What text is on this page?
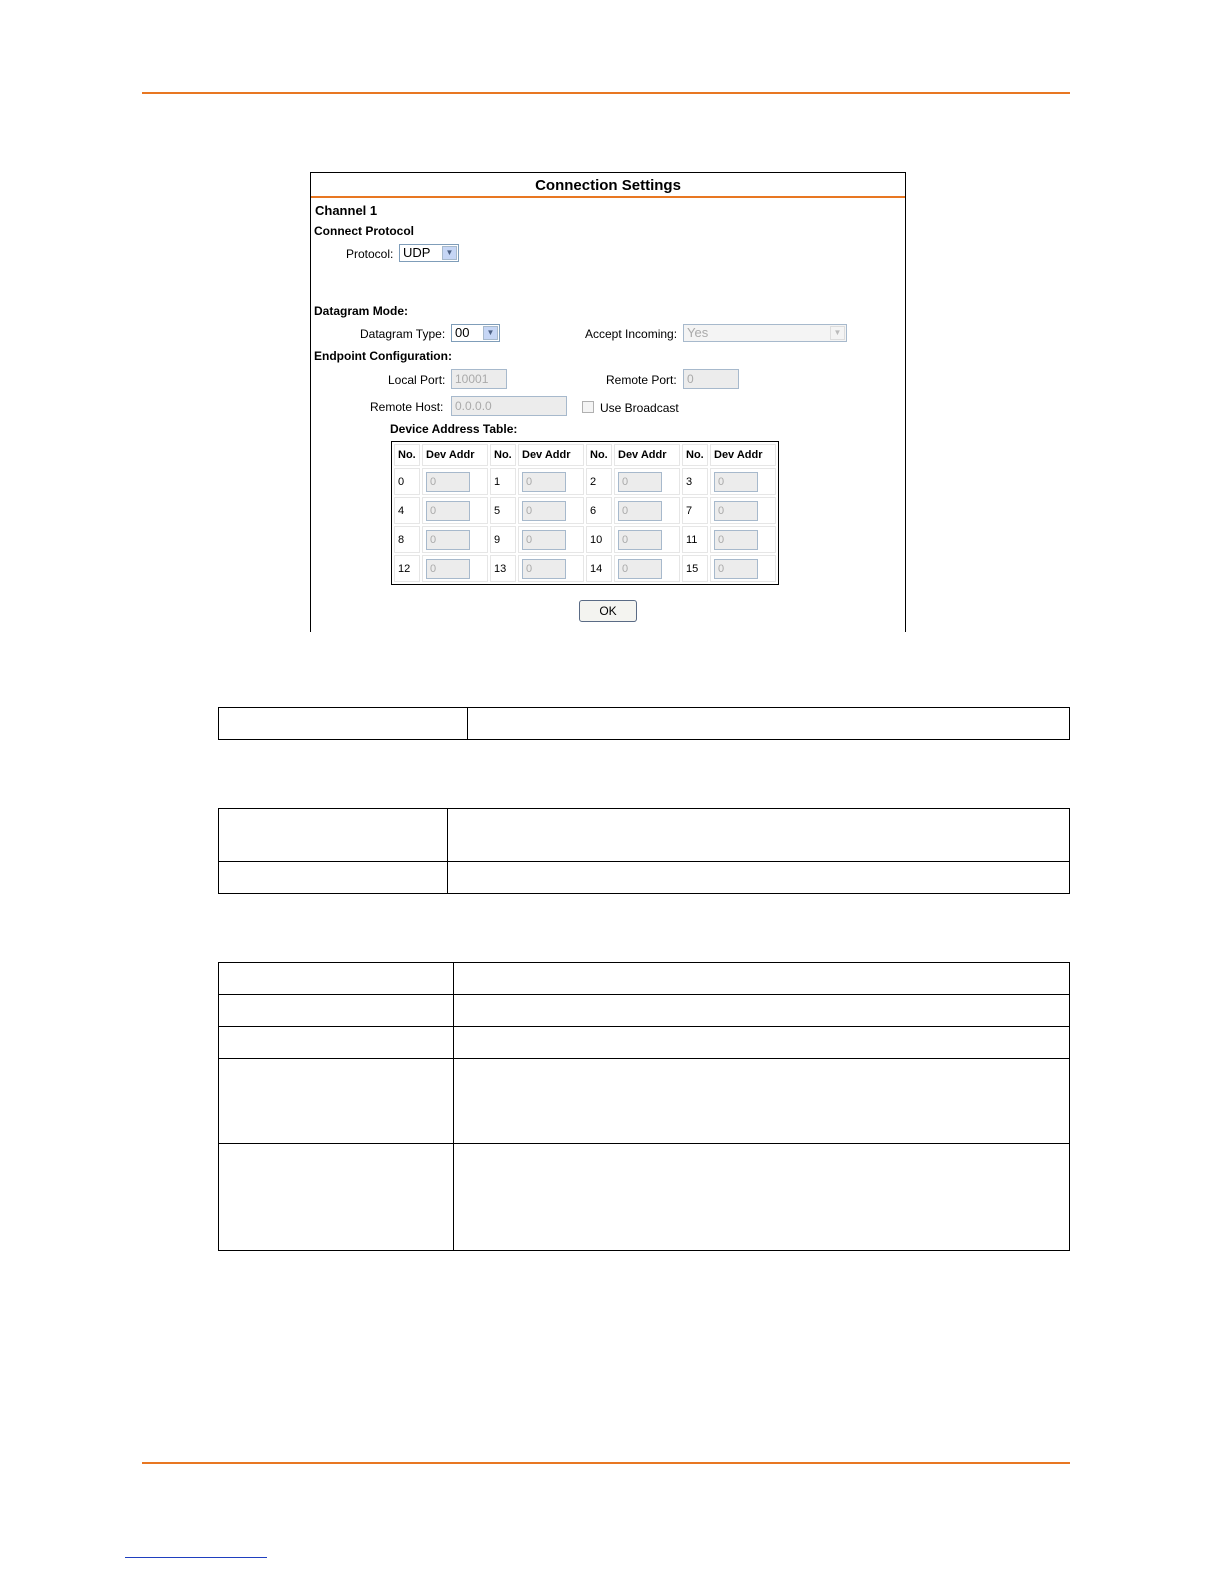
Connection Settings
Channel 1
Connect Protocol
Protocol: UDP	▼
Datagram Mode:
Datagram Type: 00	▼	Accept Incoming: Yes	▼
Endpoint Configuration:
Local Port: 10001	Remote Port: 0
Remote Host: 0.0.0.0	Use Broadcast
Device Address Table:
No.	Dev Addr	No.	Dev Addr	No.	Dev Addr	No.	Dev Addr
0	0	1	0	2	0	3	0

4	0	5	0	6	0	7	0

8	0	9	0	10	0	11	0

12	0	13	0	14	0	15	0
OK
